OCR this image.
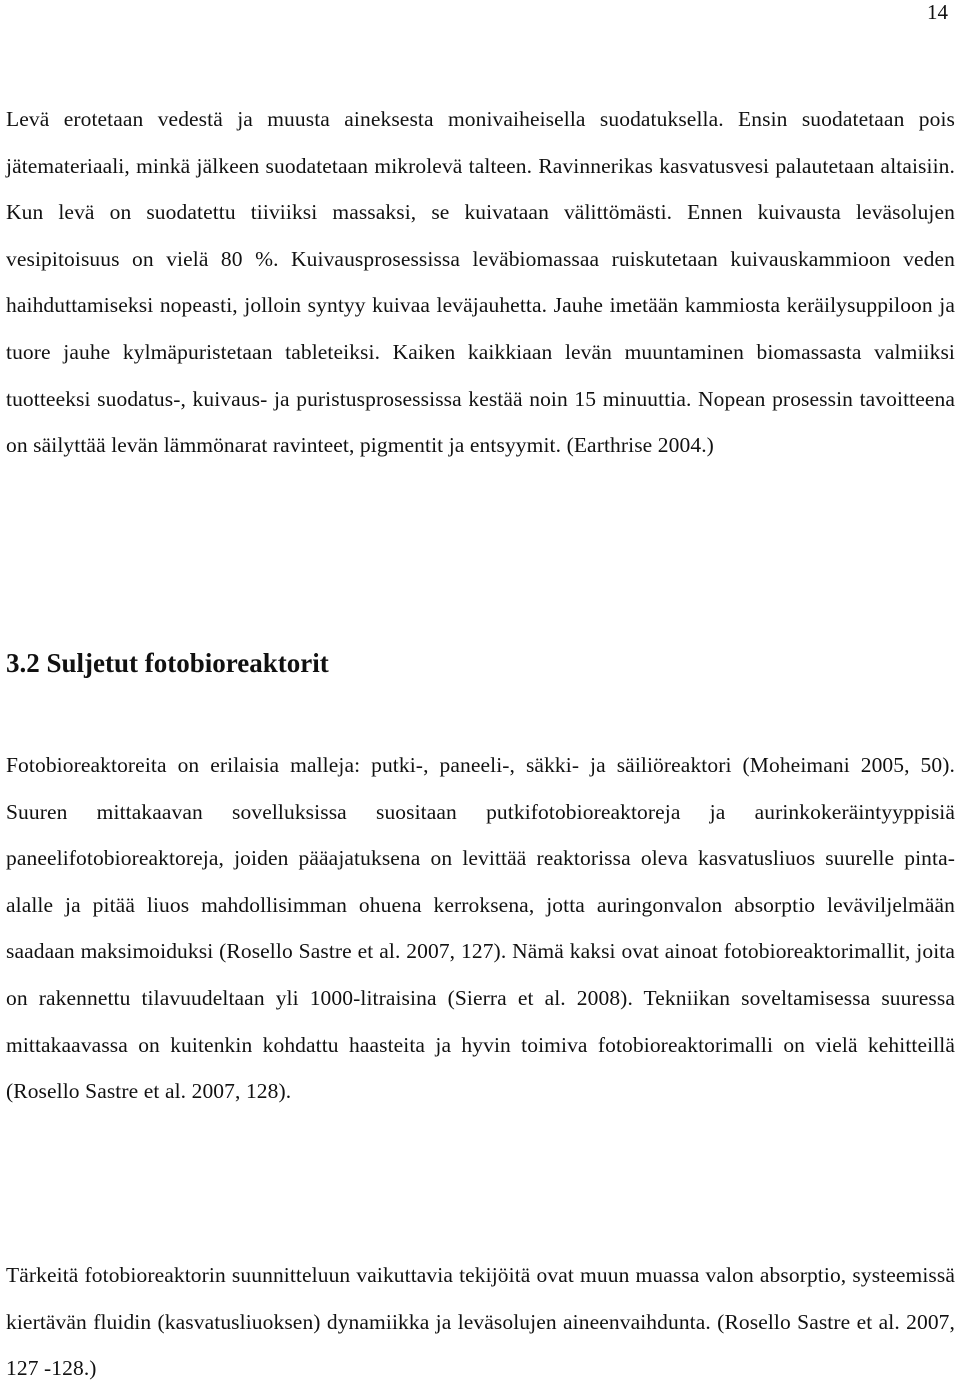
14

Levä erotetaan vedestä ja muusta aineksesta monivaiheisella suodatuksella. Ensin suodatetaan pois jätemateriaali, minkä jälkeen suodatetaan mikrolevä talteen. Ravinnerikas kasvatusvesi palautetaan altaisiin. Kun levä on suodatettu tiiviiksi massaksi, se kuivataan välittömästi. Ennen kuivausta leväsolujen vesipitoisuus on vielä 80 %. Kuivausprosessissa leväbiomassaa ruiskutetaan kuivauskammioon veden haihduttamiseksi nopeasti, jolloin syntyy kuivaa leväjauhetta. Jauhe imetään kammiosta keräilysuppiloon ja tuore jauhe kylmäpuristetaan tableteiksi. Kaiken kaikkiaan levän muuntaminen biomassasta valmiiksi tuotteeksi suodatus-, kuivaus- ja puristusprosessissa kestää noin 15 minuuttia. Nopean prosessin tavoitteena on säilyttää levän lämmönarat ravinteet, pigmentit ja entsyymit. (Earthrise 2004.)

3.2 Suljetut fotobioreaktorit

Fotobioreaktoreita on erilaisia malleja: putki-, paneeli-, säkki- ja säiliöreaktori (Moheimani 2005, 50). Suuren mittakaavan sovelluksissa suositaan putkifotobioreaktoreja ja aurinkokeräintyyppisiä paneelifotobioreaktoreja, joiden pääajatuksena on levittää reaktorissa oleva kasvatusliuos suurelle pinta-alalle ja pitää liuos mahdollisimman ohuena kerroksena, jotta auringonvalon absorptio leväviljelmään saadaan maksimoiduksi (Rosello Sastre et al. 2007, 127). Nämä kaksi ovat ainoat fotobioreaktorimallit, joita on rakennettu tilavuudeltaan yli 1000-litraisina (Sierra et al. 2008). Tekniikan soveltamisessa suuressa mittakaavassa on kuitenkin kohdattu haasteita ja hyvin toimiva fotobioreaktorimalli on vielä kehitteillä (Rosello Sastre et al. 2007, 128).

Tärkeitä fotobioreaktorin suunnitteluun vaikuttavia tekijöitä ovat muun muassa valon absorptio, systeemissä kiertävän fluidin (kasvatusliuoksen) dynamiikka ja leväsolujen aineenvaihdunta. (Rosello Sastre et al. 2007, 127 -128.)
